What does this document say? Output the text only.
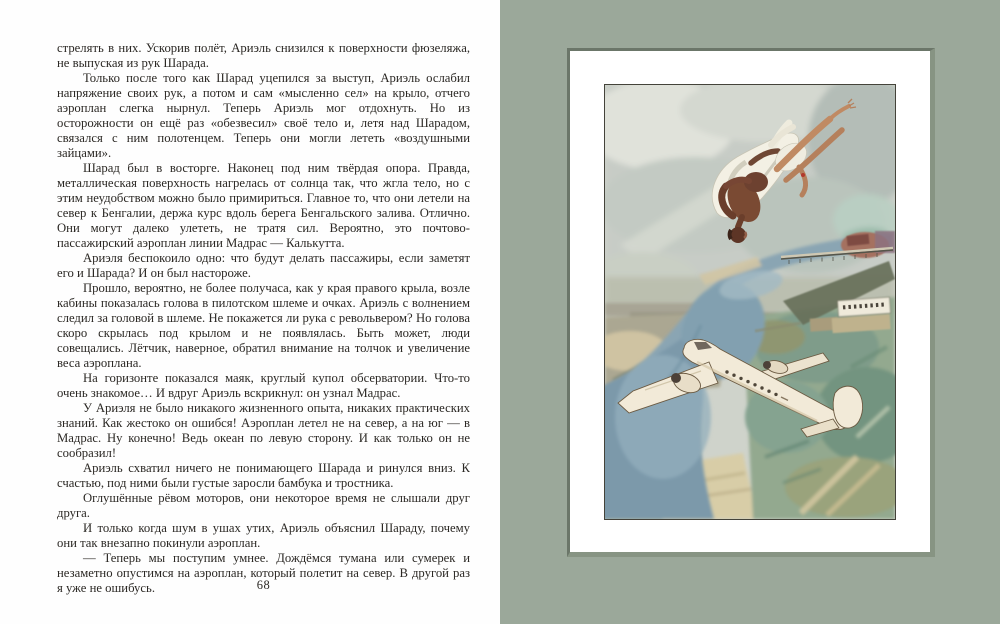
стрелять в них. Ускорив полёт, Ариэль снизился к поверхности фюзеляжа, не выпуская из рук Шарада.

Только после того как Шарад уцепился за выступ, Ариэль ослабил напряжение своих рук, а потом и сам «мысленно сел» на крыло, отчего аэроплан слегка нырнул. Теперь Ариэль мог отдохнуть. Но из осторожности он ещё раз «обезвесил» своё тело и, летя над Шарадом, связался с ним полотенцем. Теперь они могли лететь «воздушными зайцами».

Шарад был в восторге. Наконец под ним твёрдая опора. Правда, металлическая поверхность нагрелась от солнца так, что жгла тело, но с этим неудобством можно было примириться. Главное то, что они летели на север к Бенгалии, держа курс вдоль берега Бенгальского залива. Отлично. Они могут далеко улететь, не тратя сил. Вероятно, это почтово-пассажирский аэроплан линии Мадрас — Калькутта.

Ариэля беспокоило одно: что будут делать пассажиры, если заметят его и Шарада? И он был настороже.

Прошло, вероятно, не более получаса, как у края правого крыла, возле кабины показалась голова в пилотском шлеме и очках. Ариэль с волнением следил за головой в шлеме. Не покажется ли рука с револьвером? Но голова скоро скрылась под крылом и не появлялась. Быть может, люди совещались. Лётчик, наверное, обратил внимание на толчок и увеличение веса аэроплана.

На горизонте показался маяк, круглый купол обсерватории. Что-то очень знакомое… И вдруг Ариэль вскрикнул: он узнал Мадрас.

У Ариэля не было никакого жизненного опыта, никаких практических знаний. Как жестоко он ошибся! Аэроплан летел не на север, а на юг — в Мадрас. Ну конечно! Ведь океан по левую сторону. И как только он не сообразил!

Ариэль схватил ничего не понимающего Шарада и ринулся вниз. К счастью, под ними были густые заросли бамбука и тростника.

Оглушённые рёвом моторов, они некоторое время не слышали друг друга.

И только когда шум в ушах утих, Ариэль объяснил Шараду, почему они так внезапно покинули аэроплан.

— Теперь мы поступим умнее. Дождёмся тумана или сумерек и незаметно опустимся на аэроплан, который полетит на север. В другой раз я уже не ошибусь.	68
